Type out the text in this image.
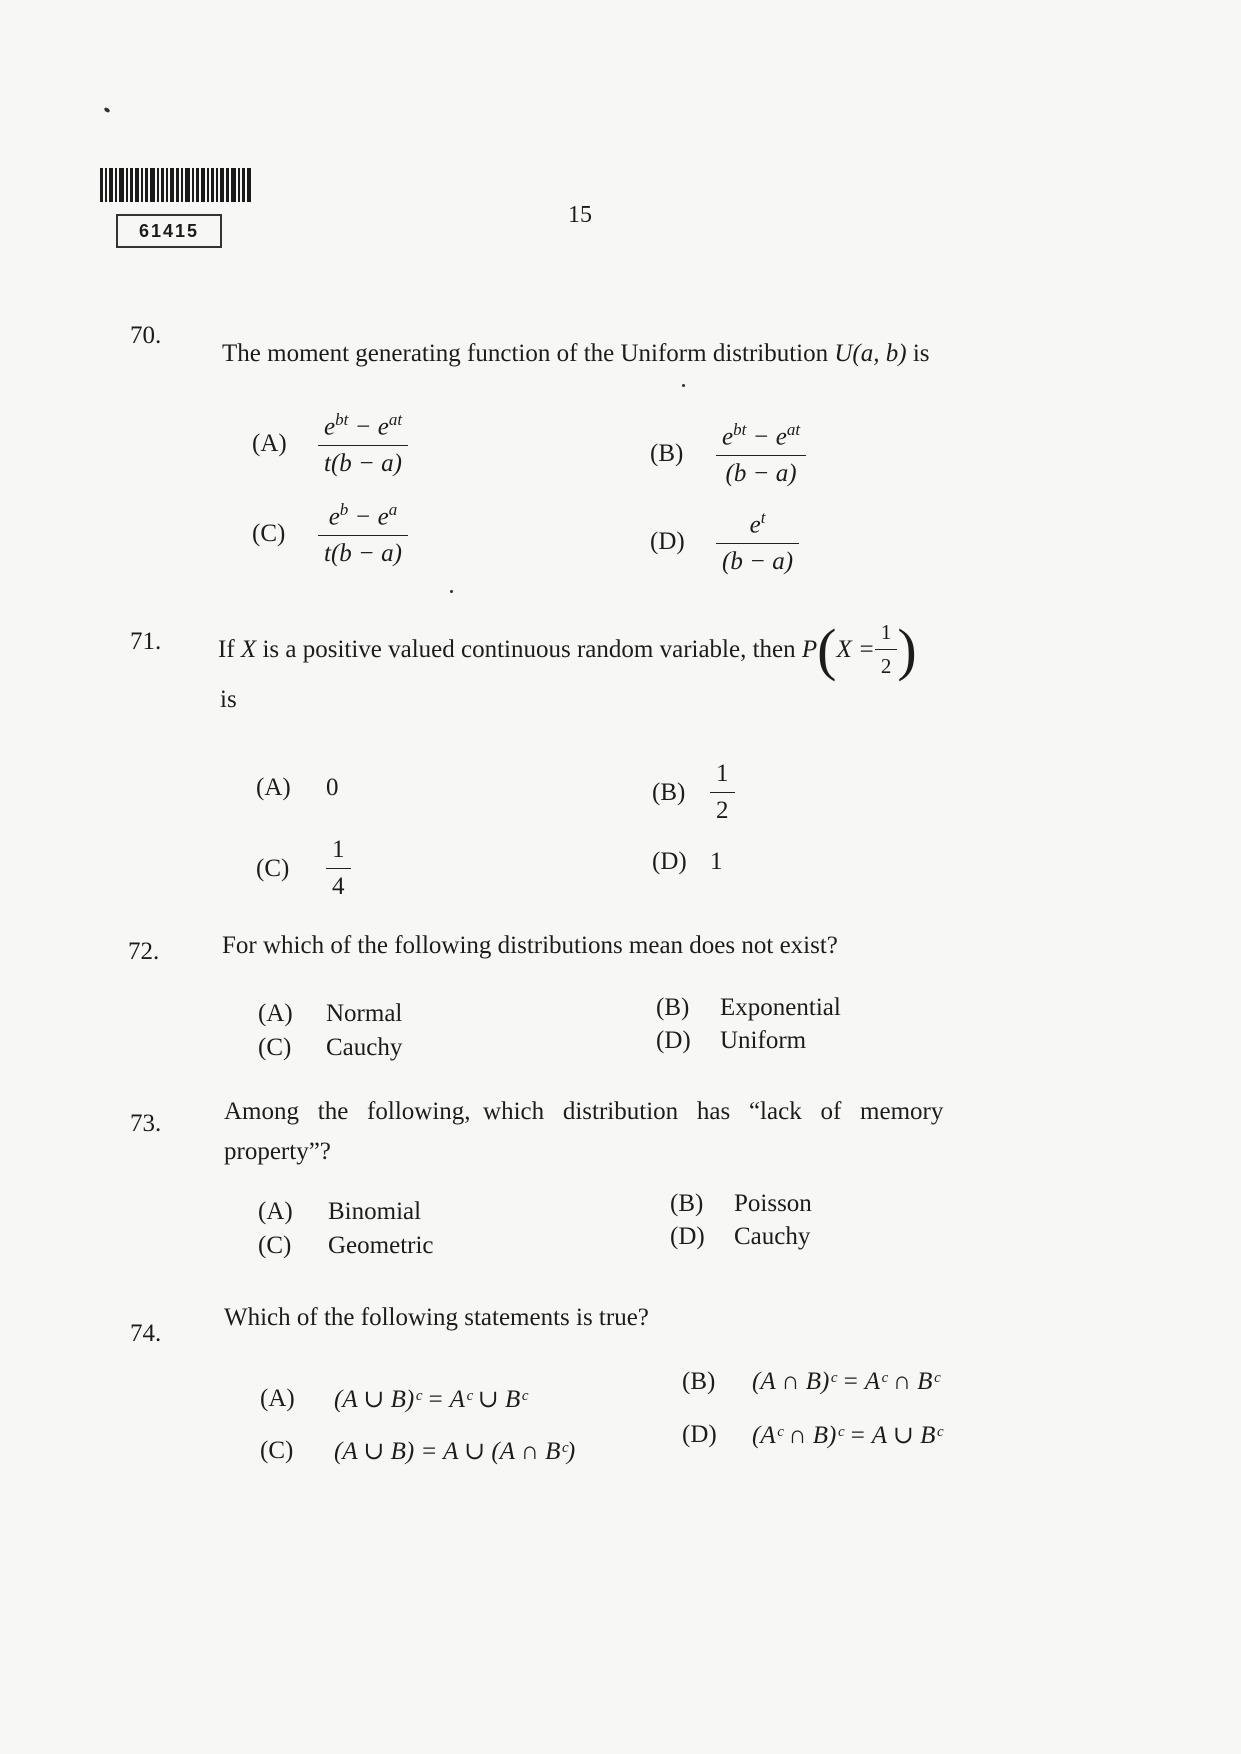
61415
15
70.
The moment generating function of the Uniform distribution U(a, b) is
(A)	$\frac{e^{bt} - e^{at}}{t(b - a)}$	(B)	$\frac{e^{bt} - e^{at}}{(b - a)}$
(C)	$\frac{e^b - e^a}{t(b - a)}$	(D)	$\frac{e^t}{(b - a)}$
71. If
X
is a positive valued continuous random variable, then
P ( $X = \frac{1}{2}$ )
is
(A)	0	$(B) \frac{1}{2}$
(C)	$\frac{1}{4}$	(D) 1
72.	For which of the following distributions mean does not exist?
(A)	Normal	(B)	Exponential
(C)	Cauchy	(D)	Uniform
73.	Among   the   following,  which   distribution   has   “lack   of   memory
property”?
(A)	Binomial	(B)	Poisson
(C)	Geometric	(D)	Cauchy
74.
Which of the following statements is true?
(A)	(A ∪ B)ᶜ = Aᶜ ∪ Bᶜ
(B)	(A ∩ B)ᶜ = Aᶜ ∩ Bᶜ
(C)	(A ∪ B) = A ∪ (A ∩ Bᶜ)
(D)	(Aᶜ ∩ B)ᶜ = A ∪ Bᶜ
